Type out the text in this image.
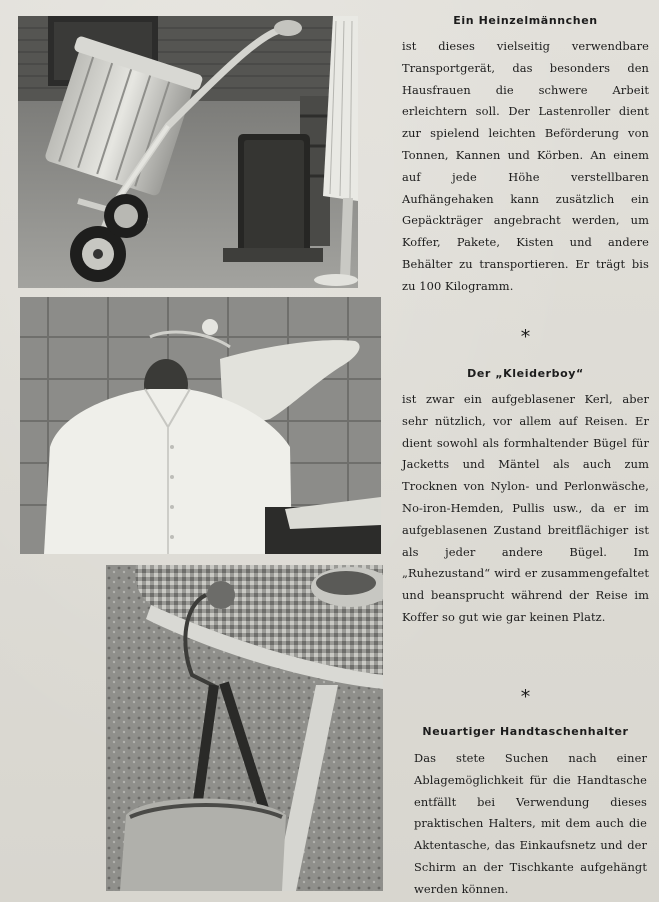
Ein Heinzelmännchen

ist dieses vielseitig verwendbare Transportgerät, das besonders den Hausfrauen die schwere Arbeit erleichtern soll. Der Lastenroller dient zur spielend leichten Beförderung von Tonnen, Kannen und Körben. An einem auf jede Höhe verstellbaren Aufhängehaken kann zusätzlich ein Gepäckträger angebracht werden, um Koffer, Pakete, Kisten und andere Behälter zu transportieren. Er trägt bis zu 100 Kilogramm.

*
Der „Kleiderboy“

ist zwar ein aufgeblasener Kerl, aber sehr nützlich, vor allem auf Reisen. Er dient sowohl als formhaltender Bügel für Jacketts und Mäntel als auch zum Trocknen von Nylon- und Perlonwäsche, No-iron-Hemden, Pullis usw., da er im aufgeblasenen Zustand breitflächiger ist als jeder andere Bügel. Im „Ruhezustand“ wird er zusammengefaltet und beansprucht während der Reise im Koffer so gut wie gar keinen Platz.

*
Neuartiger Handtaschenhalter

Das stete Suchen nach einer Ablagemöglichkeit für die Handtasche entfällt bei Verwendung dieses praktischen Halters, mit dem auch die Aktentasche, das Einkaufsnetz und der Schirm an der Tischkante aufgehängt werden können.
